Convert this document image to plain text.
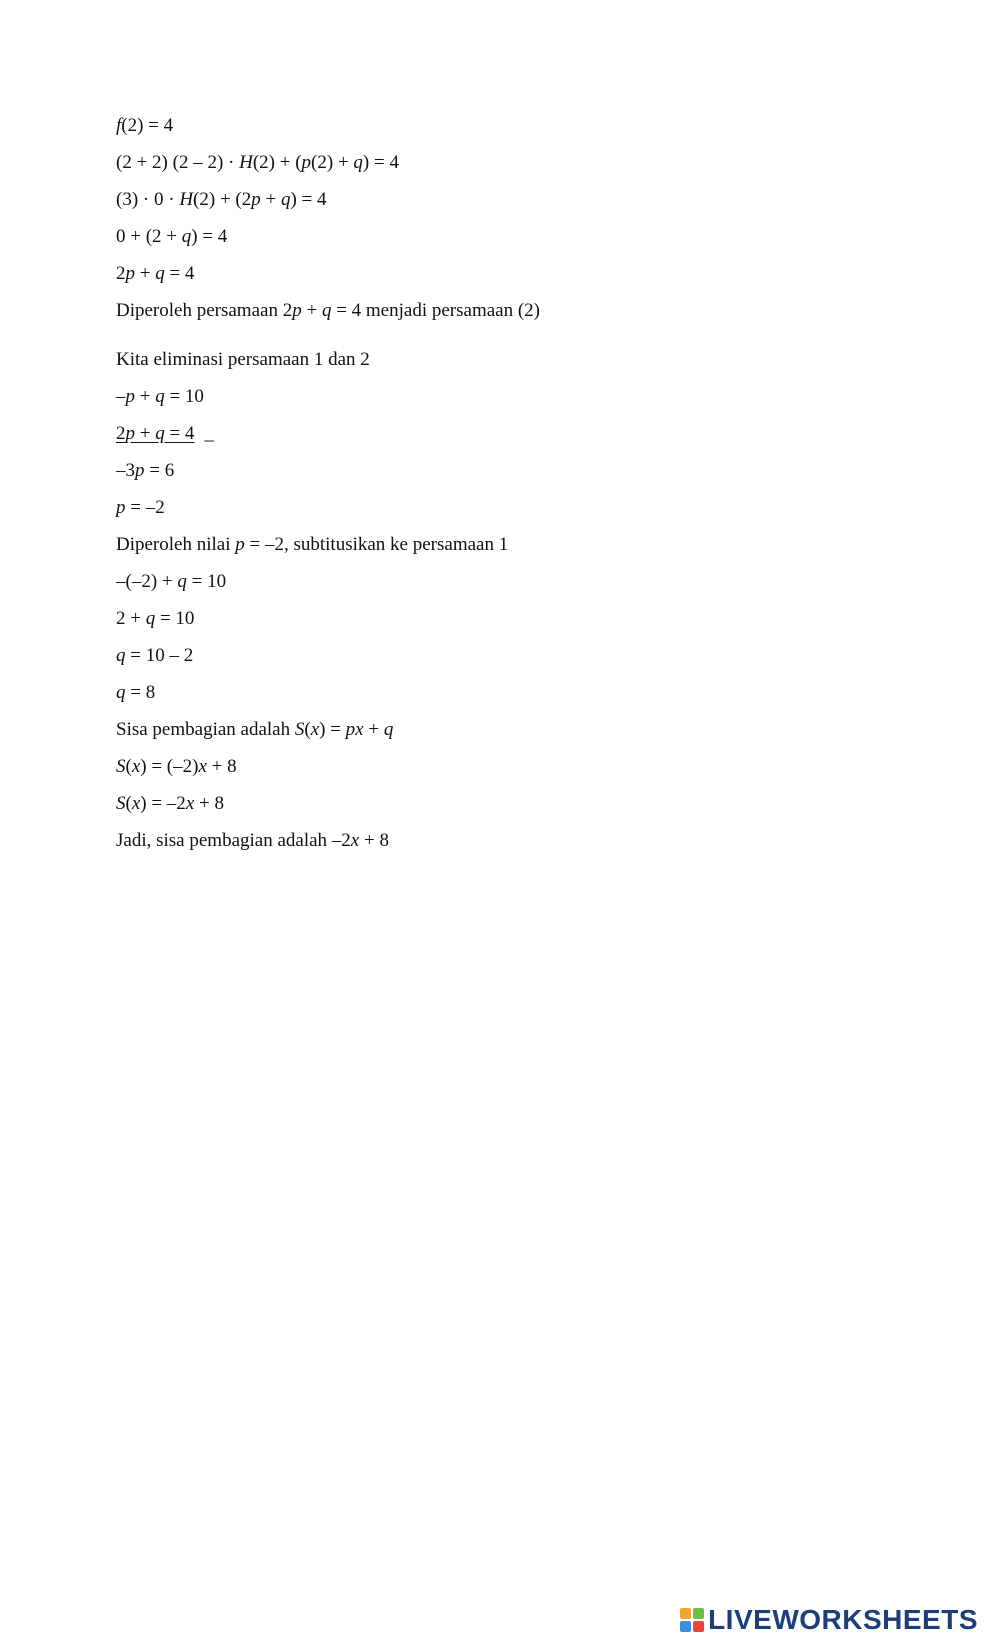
f(2) = 4
(2 + 2) (2 – 2) · H(2) + (p(2) + q) = 4
(3) · 0 · H(2) + (2p + q) = 4
0 + (2 + q) = 4
2p + q = 4
Diperoleh persamaan 2p + q = 4 menjadi persamaan (2)
Kita eliminasi persamaan 1 dan 2
–p + q = 10
2p + q = 4 _
–3p = 6
p = –2
Diperoleh nilai p = –2, subtitusikan ke persamaan 1
–(–2) + q = 10
2 + q = 10
q = 10 – 2
q = 8
Sisa pembagian adalah S(x) = px + q
S(x) = (–2)x + 8
S(x) = –2x + 8
Jadi, sisa pembagian adalah –2x + 8
LIVEWORKSHEETS
